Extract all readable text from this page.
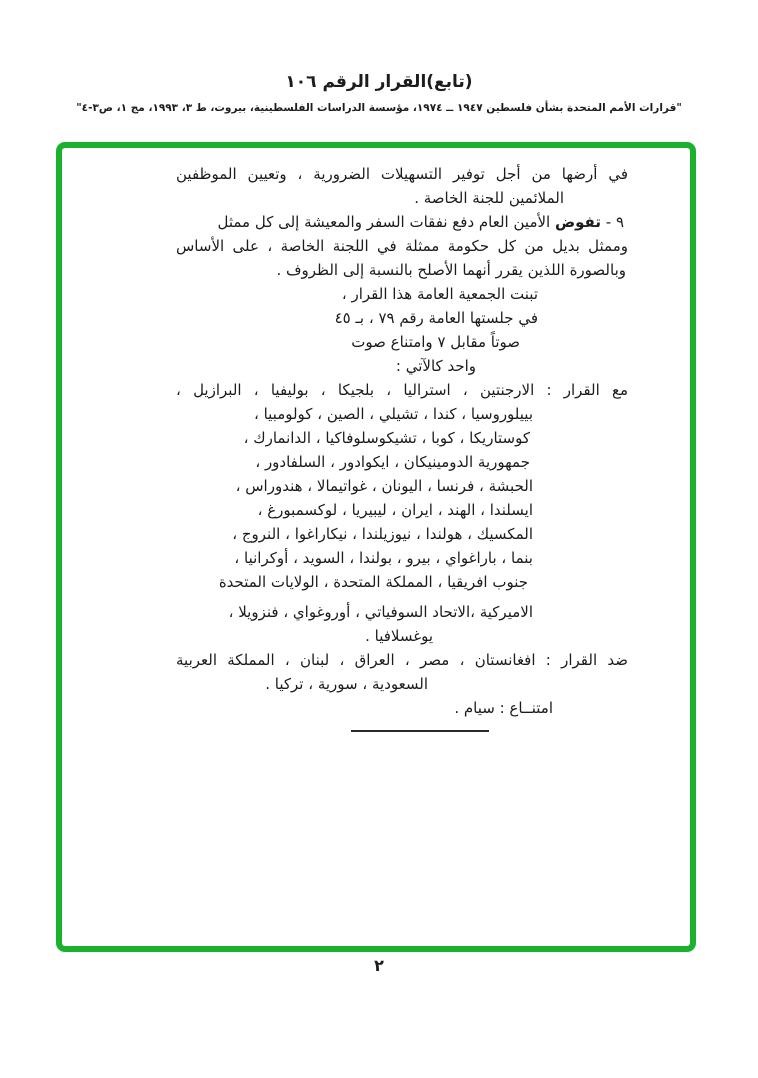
(تابع)القرار الرقم ١٠٦
"قرارات الأمم المتحدة بشأن فلسطين ١٩٤٧ ــ ١٩٧٤، مؤسسة الدراسات الفلسطينية، بيروت، ط ٣، ١٩٩٣، مج ١، ص٣-٤"
في أرضها من أجل توفير التسهيلات الضرورية ، وتعيين الموظفين
الملائمين للجنة الخاصة .
٩ - تفوض الأمين العام دفع نفقات السفر والمعيشة إلى كل ممثل
وممثل بديل من كل حكومة ممثلة في اللجنة الخاصة ، على الأساس
وبالصورة اللذين يقرر أنهما الأصلح بالنسبة إلى الظروف .
تبنت الجمعية العامة هذا القرار ،
في جلستها العامة رقم ٧٩ ، بـ ٤٥
صوتاً مقابل ٧ وامتناع صوت
واحد كالآتي :
مع القرار : الارجنتين ، استراليا ، بلجيكا ، بوليفيا ، البرازيل ،
بييلوروسيا ، كندا ، تشيلي ، الصين ، كولومبيا ،
كوستاريكا ، كوبا ، تشيكوسلوفاكيا ، الدانمارك ،
جمهورية الدومينيكان ، ايكوادور ، السلفادور ،
الحبشة ، فرنسا ، اليونان ، غواتيمالا ، هندوراس ،
ايسلندا ، الهند ، ايران ، ليبيريا ، لوكسمبورغ ،
المكسيك ، هولندا ، نيوزيلندا ، نيكاراغوا ، النروج ،
بنما ، باراغواي ، بيرو ، بولندا ، السويد ، أوكرانيا ،
جنوب افريقيا ، المملكة المتحدة ، الولايات المتحدة
الاميركية ،الاتحاد السوفياتي ، أوروغواي ، فنزويلا ،
يوغسلافيا .
ضد القرار : افغانستان ، مصر ، العراق ، لبنان ، المملكة العربية
السعودية ، سورية ، تركيا .
امتنــاع : سيام .
٢
